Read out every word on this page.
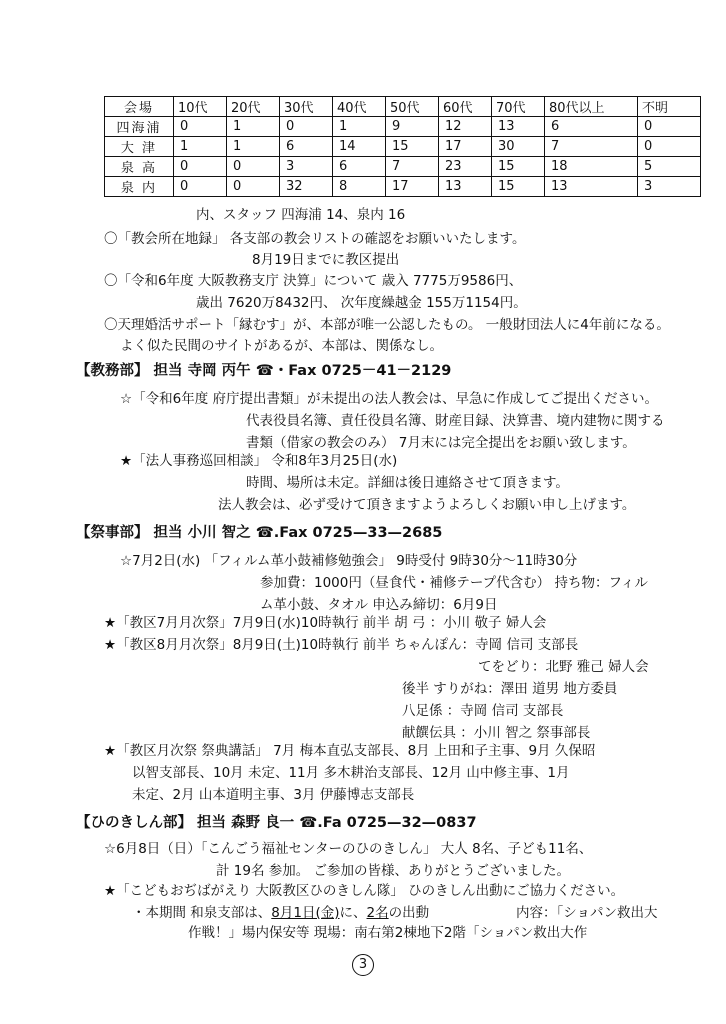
会場	10代	20代	30代	40代	50代	60代	70代	80代以上	不明
四海浦	0	1	0	1	9	12	13	6	0
大 津	1	1	6	14	15	17	30	7	0
泉 高	0	0	3	6	7	23	15	18	5
泉 内	0	0	32	8	17	13	15	13	3
内、スタッフ 四海浦 14、泉内 16
〇「教会所在地録」 各支部の教会リストの確認をお願いいたします。
8月19日までに教区提出
〇「令和6年度 大阪教務支庁 決算」について 歳入 7775万9586円、
歳出 7620万8432円、 次年度繰越金 155万1154円。
〇天理婚活サポート「縁むす」が、本部が唯一公認したもの。 一般財団法人に4年前になる。
よく似た民間のサイトがあるが、本部は、関係なし。
【教務部】 担当 寺岡 丙午 ☎・Fax 0725－41－2129
☆「令和6年度 府庁提出書類」が未提出の法人教会は、早急に作成してご提出ください。
代表役員名簿、責任役員名簿、財産目録、決算書、境内建物に関する
書類（借家の教会のみ） 7月末には完全提出をお願い致します。
★「法人事務巡回相談」 令和8年3月25日(水)
時間、場所は未定。詳細は後日連絡させて頂きます。
法人教会は、必ず受けて頂きますようよろしくお願い申し上げます。
【祭事部】 担当 小川 智之 ☎.Fax 0725—33—2685
☆7月2日(水) 「フィルム革小鼓補修勉強会」 9時受付 9時30分～11時30分
参加費：1000円（昼食代・補修テープ代含む） 持ち物：フィル
ム革小鼓、タオル 申込み締切：6月9日
★「教区7月月次祭」7月9日(水)10時執行 前半 胡 弓 ：小川 敬子 婦人会
★「教区8月月次祭」8月9日(土)10時執行 前半 ちゃんぽん：寺岡 信司 支部長
てをどり：北野 雅己 婦人会
後半 すりがね：澤田 道男 地方委員
八足係 ：寺岡 信司 支部長
献饌伝具 ：小川 智之 祭事部長
★「教区月次祭 祭典講話」 7月 梅本直弘支部長、8月 上田和子主事、9月 久保昭
以智支部長、10月 未定、11月 多木耕治支部長、12月 山中修主事、1月
未定、2月 山本道明主事、3月 伊藤博志支部長
【ひのきしん部】 担当 森野 良一 ☎.Fa 0725—32—0837
☆6月8日（日）「こんごう福祉センターのひのきしん」 大人 8名、子ども11名、
計 19名 参加。 ご参加の皆様、ありがとうございました。
★「こどもおぢばがえり 大阪教区ひのきしん隊」 ひのきしん出動にご協力ください。
・本期間 和泉支部は、8月1日(金)に、2名の出動	内容：「ショパン救出大
作戦！」場内保安等 現場：南右第2棟地下2階「ショパン救出大作
3
